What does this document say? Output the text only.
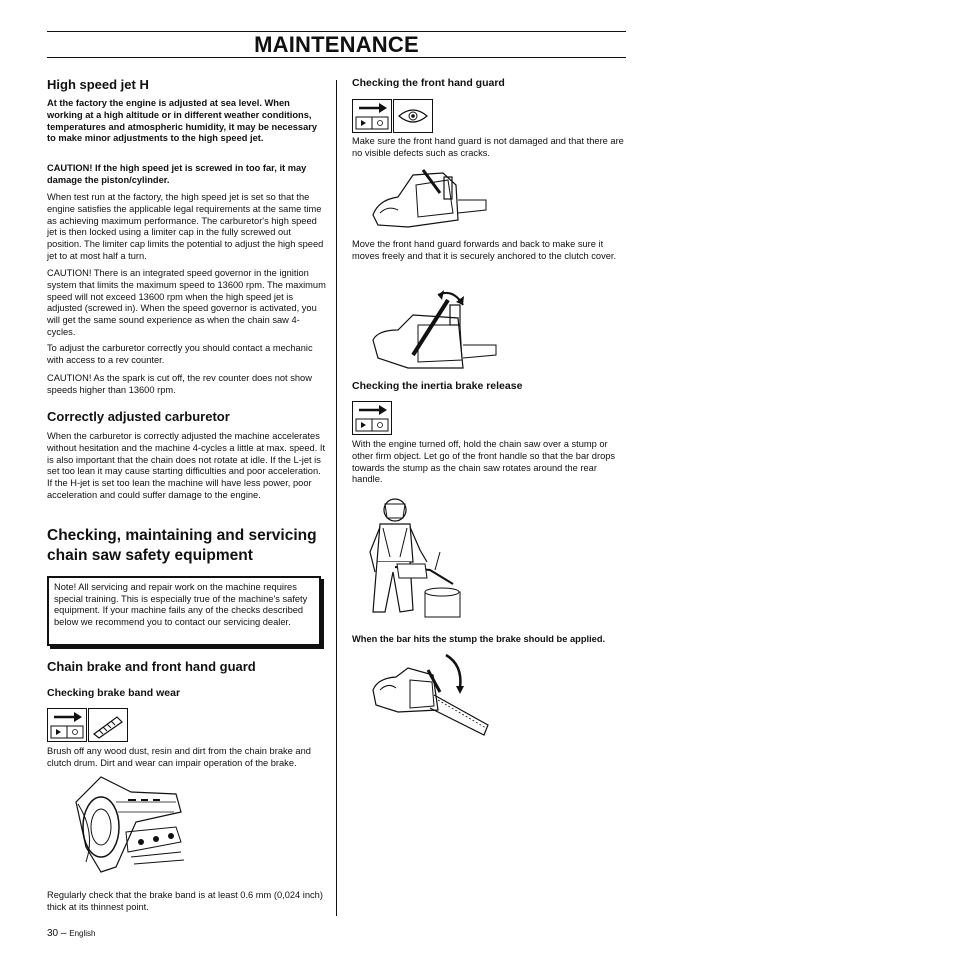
MAINTENANCE
High speed jet H
At the factory the engine is adjusted at sea level. When working at a high altitude or in different weather conditions, temperatures and atmospheric humidity, it may be necessary to make minor adjustments to the high speed jet.
CAUTION! If the high speed jet is screwed in too far, it may damage the piston/cylinder.
When test run at the factory, the high speed jet is set so that the engine satisfies the applicable legal requirements at the same time as achieving maximum performance. The carburetor's high speed jet is then locked using a limiter cap in the fully screwed out position. The limiter cap limits the potential to adjust the high speed jet to at most half a turn.
CAUTION! There is an integrated speed governor in the ignition system that limits the maximum speed to 13600 rpm. The maximum speed will not exceed 13600 rpm when the high speed jet is adjusted (screwed in). When the speed governor is activated, you will get the same sound experience as when the chain saw 4-cycles.
To adjust the carburetor correctly you should contact a mechanic with access to a rev counter.
CAUTION! As the spark is cut off, the rev counter does not show speeds higher than 13600 rpm.
Correctly adjusted carburetor
When the carburetor is correctly adjusted the machine accelerates without hesitation and the machine 4-cycles a little at max. speed. It is also important that the chain does not rotate at idle. If the L-jet is set too lean it may cause starting difficulties and poor acceleration. If the H-jet is set too lean the machine will have less power, poor acceleration and could suffer damage to the engine.
Checking, maintaining and servicing
chain saw safety equipment

Note! All servicing and repair work on the machine requires special training. This is especially true of the machine's safety equipment. If your machine fails any of the checks described below we recommend you to contact our servicing dealer.

Chain brake and front hand guard
Checking brake band wear
Brush off any wood dust, resin and dirt from the chain brake and clutch drum. Dirt and wear can impair operation of the brake.
Regularly check that the brake band is at least 0.6 mm (0,024 inch) thick at its thinnest point.
30 – English
Checking the front hand guard
Make sure the front hand guard is not damaged and that there are no visible defects such as cracks.
Move the front hand guard forwards and back to make sure it moves freely and that it is securely anchored to the clutch cover.
Checking the inertia brake release
With the engine turned off, hold the chain saw over a stump or other firm object. Let go of the front handle so that the bar drops towards the stump as the chain saw rotates around the rear handle.
When the bar hits the stump the brake should be applied.
